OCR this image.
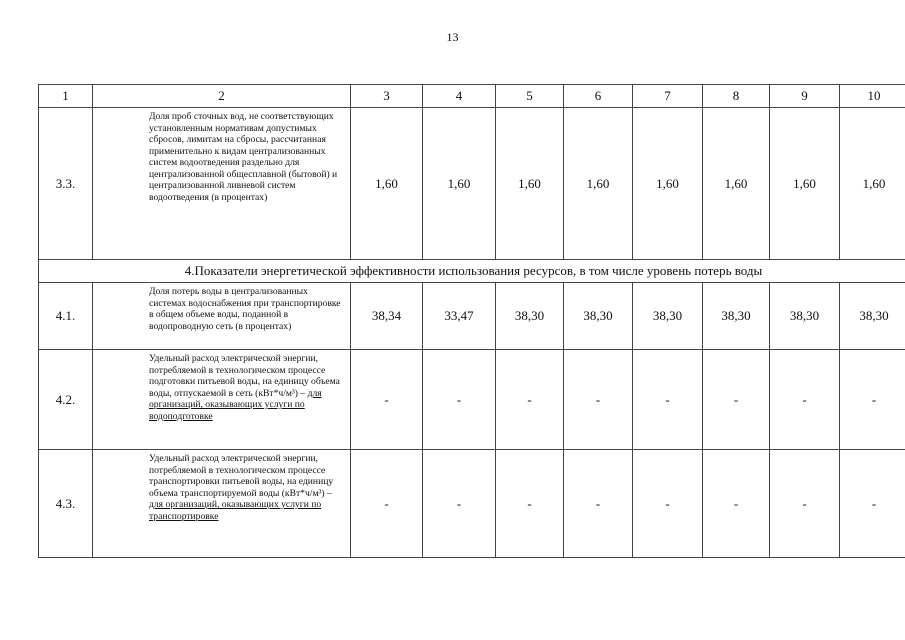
13
1	2	3	4	5	6	7	8	9	10
3.3.	Доля проб сточных вод, не соответствующих установленным нормативам допустимых сбросов, лимитам на сбросы, рассчитанная применительно к видам централизованных систем водоотведения раздельно для централизованной общесплавной (бытовой) и централизованной ливневой систем водоотведения (в процентах)	1,60	1,60	1,60	1,60	1,60	1,60	1,60	1,60
4.Показатели энергетической эффективности использования ресурсов, в том числе уровень потерь воды									
4.1.	Доля потерь воды в централизованных системах водоснабжения при транспортировке в общем объеме воды, поданной в водопроводную сеть (в процентах)	38,34	33,47	38,30	38,30	38,30	38,30	38,30	38,30
4.2.	Удельный расход электрической энергии, потребляемой в технологическом процессе подготовки питьевой воды, на единицу объема воды, отпускаемой в сеть (кВт*ч/м³) – для организаций, оказывающих услуги по водоподготовке	-	-	-	-	-	-	-	-
4.3.	Удельный расход электрической энергии, потребляемой в технологическом процессе транспортировки питьевой воды, на единицу объема транспортируемой воды (кВт*ч/м³) – для организаций, оказывающих услуги по транспортировке	-	-	-	-	-	-	-	-
